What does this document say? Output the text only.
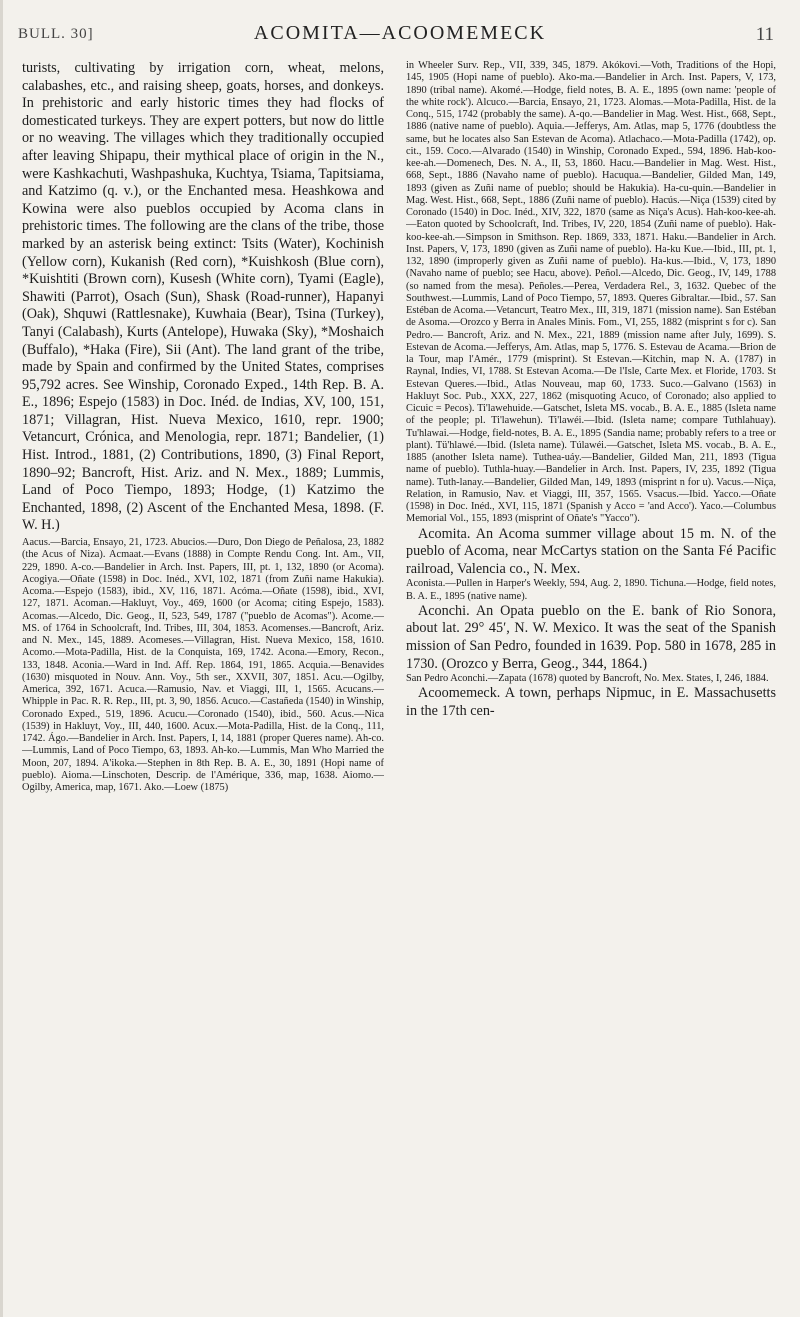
BULL. 30]	ACOMITA—ACOOMEMECK	11

turists, cultivating by irrigation corn, wheat, melons, calabashes, etc., and raising sheep, goats, horses, and donkeys. In prehistoric and early historic times they had flocks of domesticated turkeys. They are expert potters, but now do little or no weaving. The villages which they traditionally occupied after leaving Shipapu, their mythical place of origin in the N., were Kashkachuti, Washpashuka, Kuchtya, Tsiama, Tapitsiama, and Katzimo (q. v.), or the Enchanted mesa. Heashkowa and Kowina were also pueblos occupied by Acoma clans in prehistoric times. The following are the clans of the tribe, those marked by an asterisk being extinct: Tsits (Water), Kochinish (Yellow corn), Kukanish (Red corn), *Kuishkosh (Blue corn), *Kuishtiti (Brown corn), Kusesh (White corn), Tyami (Eagle), Shawiti (Parrot), Osach (Sun), Shask (Road-runner), Hapanyi (Oak), Shquwi (Rattlesnake), Kuwhaia (Bear), Tsina (Turkey), Tanyi (Calabash), Kurts (Antelope), Huwaka (Sky), *Moshaich (Buffalo), *Haka (Fire), Sii (Ant). The land grant of the tribe, made by Spain and confirmed by the United States, comprises 95,792 acres. See Winship, Coronado Exped., 14th Rep. B. A. E., 1896; Espejo (1583) in Doc. Inéd. de Indias, XV, 100, 151, 1871; Villagran, Hist. Nueva Mexico, 1610, repr. 1900; Vetancurt, Crónica, and Menologia, repr. 1871; Bandelier, (1) Hist. Introd., 1881, (2) Contributions, 1890, (3) Final Report, 1890–92; Bancroft, Hist. Ariz. and N. Mex., 1889; Lummis, Land of Poco Tiempo, 1893; Hodge, (1) Katzimo the Enchanted, 1898, (2) Ascent of the Enchanted Mesa, 1898. (F. W. H.)

Aacus.—Barcia, Ensayo, 21, 1723. Abucios.—Duro, Don Diego de Peñalosa, 23, 1882 (the Acus of Niza). Acmaat.—Evans (1888) in Compte Rendu Cong. Int. Am., VII, 229, 1890. A-co.—Bandelier in Arch. Inst. Papers, III, pt. 1, 132, 1890 (or Acoma). Acogiya.—Oñate (1598) in Doc. Inéd., XVI, 102, 1871 (from Zuñi name Hakukia). Acoma.—Espejo (1583), ibid., XV, 116, 1871. Acóma.—Oñate (1598), ibid., XVI, 127, 1871. Acoman.—Hakluyt, Voy., 469, 1600 (or Acoma; citing Espejo, 1583). Acomas.—Alcedo, Dic. Geog., II, 523, 549, 1787 ("pueblo de Acomas"). Acome.—MS. of 1764 in Schoolcraft, Ind. Tribes, III, 304, 1853. Acomenses.—Bancroft, Ariz. and N. Mex., 145, 1889. Acomeses.—Villagran, Hist. Nueva Mexico, 158, 1610. Acomo.—Mota-Padilla, Hist. de la Conquista, 169, 1742. Acona.—Emory, Recon., 133, 1848. Aconia.—Ward in Ind. Aff. Rep. 1864, 191, 1865. Acquia.—Benavides (1630) misquoted in Nouv. Ann. Voy., 5th ser., XXVII, 307, 1851. Acu.—Ogilby, America, 392, 1671. Acuca.—Ramusio, Nav. et Viaggi, III, 1, 1565. Acucans.—Whipple in Pac. R. R. Rep., III, pt. 3, 90, 1856. Acuco.—Castañeda (1540) in Winship, Coronado Exped., 519, 1896. Acucu.—Coronado (1540), ibid., 560. Acus.—Nica (1539) in Hakluyt, Voy., III, 440, 1600. Acux.—Mota-Padilla, Hist. de la Conq., 111, 1742. Ágo.—Bandelier in Arch. Inst. Papers, I, 14, 1881 (proper Queres name). Ah-co.—Lummis, Land of Poco Tiempo, 63, 1893. Ah-ko.—Lummis, Man Who Married the Moon, 207, 1894. A'ikoka.—Stephen in 8th Rep. B. A. E., 30, 1891 (Hopi name of pueblo). Aioma.—Linschoten, Descrip. de l'Amérique, 336, map, 1638. Aiomo.—Ogilby, America, map, 1671. Ako.—Loew (1875)

in Wheeler Surv. Rep., VII, 339, 345, 1879. Akókovi.—Voth, Traditions of the Hopi, 145, 1905 (Hopi name of pueblo). Ako-ma.—Bandelier in Arch. Inst. Papers, V, 173, 1890 (tribal name). Akomé.—Hodge, field notes, B. A. E., 1895 (own name: 'people of the white rock'). Alcuco.—Barcia, Ensayo, 21, 1723. Alomas.—Mota-Padilla, Hist. de la Conq., 515, 1742 (probably the same). A-qo.—Bandelier in Mag. West. Hist., 668, Sept., 1886 (native name of pueblo). Aquia.—Jefferys, Am. Atlas, map 5, 1776 (doubtless the same, but he locates also San Estevan de Acoma). Atlachaco.—Mota-Padilla (1742), op. cit., 159. Coco.—Alvarado (1540) in Winship, Coronado Exped., 594, 1896. Hab-koo-kee-ah.—Domenech, Des. N. A., II, 53, 1860. Hacu.—Bandelier in Mag. West. Hist., 668, Sept., 1886 (Navaho name of pueblo). Hacuqua.—Bandelier, Gilded Man, 149, 1893 (given as Zuñi name of pueblo; should be Hakukia). Ha-cu-quin.—Bandelier in Mag. West. Hist., 668, Sept., 1886 (Zuñi name of pueblo). Hacús.—Niça (1539) cited by Coronado (1540) in Doc. Inéd., XIV, 322, 1870 (same as Niça's Acus). Hah-koo-kee-ah.—Eaton quoted by Schoolcraft, Ind. Tribes, IV, 220, 1854 (Zuñi name of pueblo). Hak-koo-kee-ah.—Simpson in Smithson. Rep. 1869, 333, 1871. Haku.—Bandelier in Arch. Inst. Papers, V, 173, 1890 (given as Zuñi name of pueblo). Ha-ku Kue.—Ibid., III, pt. 1, 132, 1890 (improperly given as Zuñi name of pueblo). Ha-kus.—Ibid., V, 173, 1890 (Navaho name of pueblo; see Hacu, above). Peñol.—Alcedo, Dic. Geog., IV, 149, 1788 (so named from the mesa). Peñoles.—Perea, Verdadera Rel., 3, 1632. Quebec of the Southwest.—Lummis, Land of Poco Tiempo, 57, 1893. Queres Gibraltar.—Ibid., 57. San Estéban de Acoma.—Vetancurt, Teatro Mex., III, 319, 1871 (mission name). San Estéban de Asoma.—Orozco y Berra in Anales Minis. Fom., VI, 255, 1882 (misprint s for c). San Pedro.— Bancroft, Ariz. and N. Mex., 221, 1889 (mission name after July, 1699). S. Estevan de Acoma.—Jefferys, Am. Atlas, map 5, 1776. S. Estevau de Acama.—Brion de la Tour, map l'Amér., 1779 (misprint). St Estevan.—Kitchin, map N. A. (1787) in Raynal, Indies, VI, 1788. St Estevan Acoma.—De l'Isle, Carte Mex. et Floride, 1703. St Estevan Queres.—Ibid., Atlas Nouveau, map 60, 1733. Suco.—Galvano (1563) in Hakluyt Soc. Pub., XXX, 227, 1862 (misquoting Acuco, of Coronado; also applied to Cicuic = Pecos). Ti'lawehuide.—Gatschet, Isleta MS. vocab., B. A. E., 1885 (Isleta name of the people; pl. Ti'lawehun). Ti'lawéi.—Ibid. (Isleta name; compare Tuthlahuay). Tu'hlawai.—Hodge, field-notes, B. A. E., 1895 (Sandia name; probably refers to a tree or plant). Tü'hlawé.—Ibid. (Isleta name). Túlawéi.—Gatschet, Isleta MS. vocab., B. A. E., 1885 (another Isleta name). Tuthea-uáy.—Bandelier, Gilded Man, 211, 1893 (Tigua name of pueblo). Tuthla-huay.—Bandelier in Arch. Inst. Papers, IV, 235, 1892 (Tigua name). Tuth-lanay.—Bandelier, Gilded Man, 149, 1893 (misprint n for u). Vacus.—Niça, Relation, in Ramusio, Nav. et Viaggi, III, 357, 1565. Vsacus.—Ibid. Yacco.—Oñate (1598) in Doc. Inéd., XVI, 115, 1871 (Spanish y Acco = 'and Acco'). Yaco.—Columbus Memorial Vol., 155, 1893 (misprint of Oñate's "Yacco").

Acomita. An Acoma summer village about 15 m. N. of the pueblo of Acoma, near McCartys station on the Santa Fé Pacific railroad, Valencia co., N. Mex.

Aconista.—Pullen in Harper's Weekly, 594, Aug. 2, 1890. Tichuna.—Hodge, field notes, B. A. E., 1895 (native name).

Aconchi. An Opata pueblo on the E. bank of Rio Sonora, about lat. 29° 45′, N. W. Mexico. It was the seat of the Spanish mission of San Pedro, founded in 1639. Pop. 580 in 1678, 285 in 1730. (Orozco y Berra, Geog., 344, 1864.)

San Pedro Aconchi.—Zapata (1678) quoted by Bancroft, No. Mex. States, I, 246, 1884.

Acoomemeck. A town, perhaps Nipmuc, in E. Massachusetts in the 17th cen-
